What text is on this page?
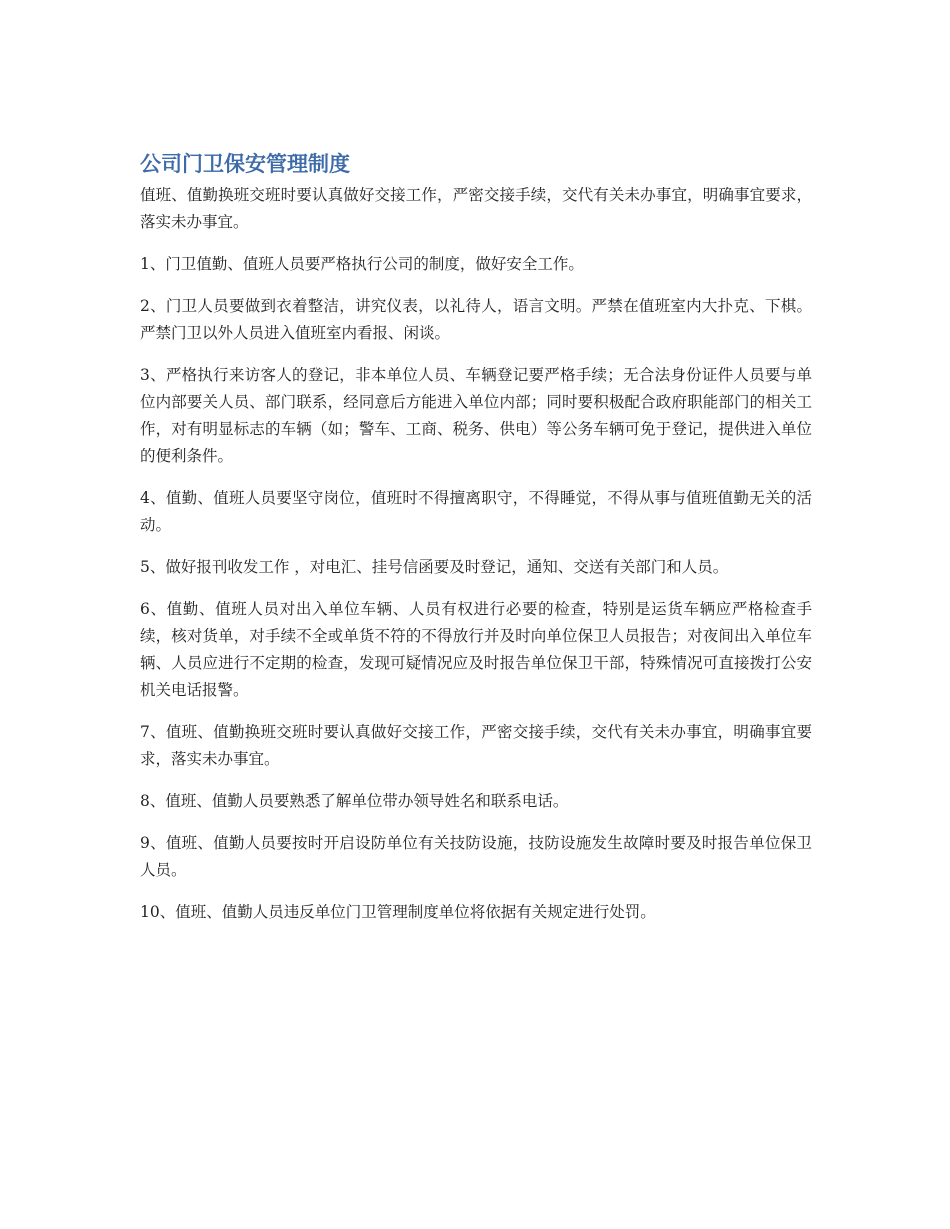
公司门卫保安管理制度

值班、值勤换班交班时要认真做好交接工作，严密交接手续，交代有关未办事宜，明确事宜要求，落实未办事宜。

1、门卫值勤、值班人员要严格执行公司的制度，做好安全工作。

2、门卫人员要做到衣着整洁，讲究仪表，以礼待人，语言文明。严禁在值班室内大扑克、下棋。严禁门卫以外人员进入值班室内看报、闲谈。

3、严格执行来访客人的登记，非本单位人员、车辆登记要严格手续；无合法身份证件人员要与单位内部要关人员、部门联系，经同意后方能进入单位内部；同时要积极配合政府职能部门的相关工作，对有明显标志的车辆（如；警车、工商、税务、供电）等公务车辆可免于登记，提供进入单位的便利条件。

4、值勤、值班人员要坚守岗位，值班时不得擅离职守，不得睡觉，不得从事与值班值勤无关的活动。

5、做好报刊收发工作 ，对电汇、挂号信函要及时登记，通知、交送有关部门和人员。

6、值勤、值班人员对出入单位车辆、人员有权进行必要的检查，特别是运货车辆应严格检查手续，核对货单，对手续不全或单货不符的不得放行并及时向单位保卫人员报告；对夜间出入单位车辆、人员应进行不定期的检查，发现可疑情况应及时报告单位保卫干部，特殊情况可直接拨打公安机关电话报警。

7、值班、值勤换班交班时要认真做好交接工作，严密交接手续，交代有关未办事宜，明确事宜要求，落实未办事宜。

8、值班、值勤人员要熟悉了解单位带办领导姓名和联系电话。

9、值班、值勤人员要按时开启设防单位有关技防设施，技防设施发生故障时要及时报告单位保卫人员。

10、值班、值勤人员违反单位门卫管理制度单位将依据有关规定进行处罚。
